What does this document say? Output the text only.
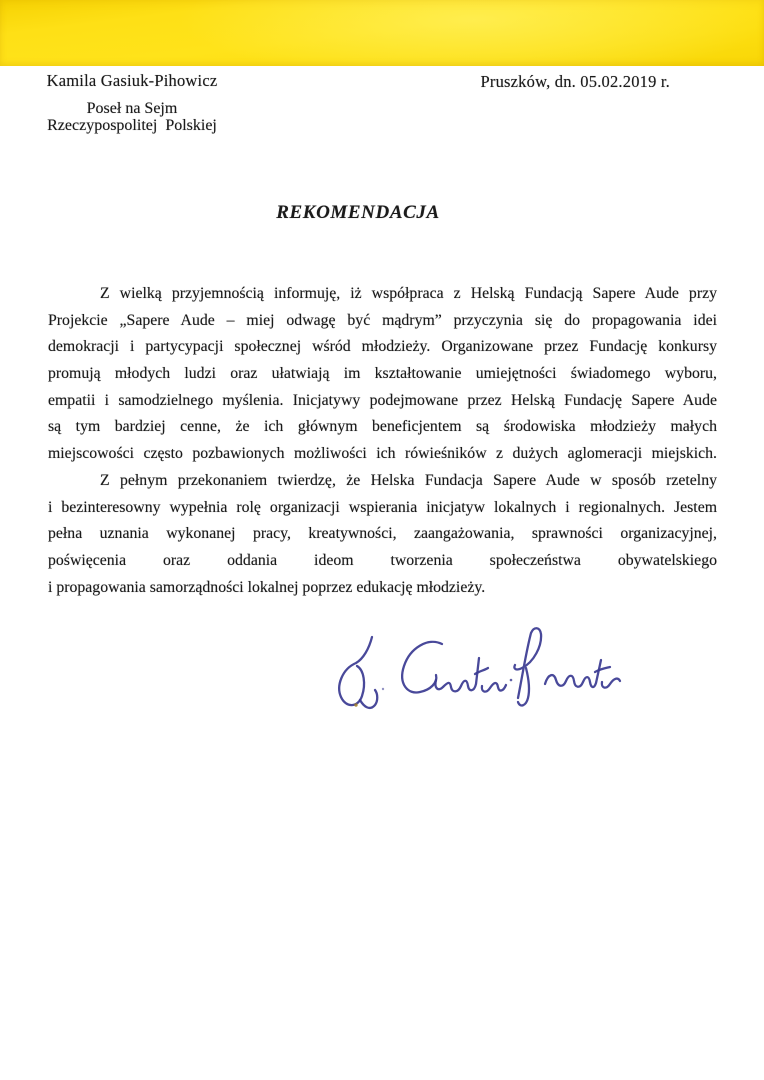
Kamila Gasiuk-Pihowicz
Poseł na Sejm
Rzeczypospolitej  Polskiej
Pruszków, dn. 05.02.2019 r.
REKOMENDACJA
Z wielką przyjemnością informuję, iż współpraca z Helską Fundacją Sapere Aude przy
Projekcie „Sapere Aude – miej odwagę być mądrym” przyczynia się do propagowania idei
demokracji i partycypacji społecznej wśród młodzieży. Organizowane przez Fundację konkursy
promują młodych ludzi oraz ułatwiają im kształtowanie umiejętności świadomego wyboru,
empatii i samodzielnego myślenia. Inicjatywy podejmowane przez Helską Fundację Sapere Aude
są tym bardziej cenne, że ich głównym beneficjentem są środowiska młodzieży małych
miejscowości często pozbawionych możliwości ich rówieśników z dużych aglomeracji miejskich.
Z pełnym przekonaniem twierdzę, że Helska Fundacja Sapere Aude w sposób rzetelny
i bezinteresowny wypełnia rolę organizacji wspierania inicjatyw lokalnych i regionalnych. Jestem
pełna uznania wykonanej pracy, kreatywności, zaangażowania, sprawności organizacyjnej,
poświęcenia oraz oddania ideom tworzenia społeczeństwa obywatelskiego
i propagowania samorządności lokalnej poprzez edukację młodzieży.
